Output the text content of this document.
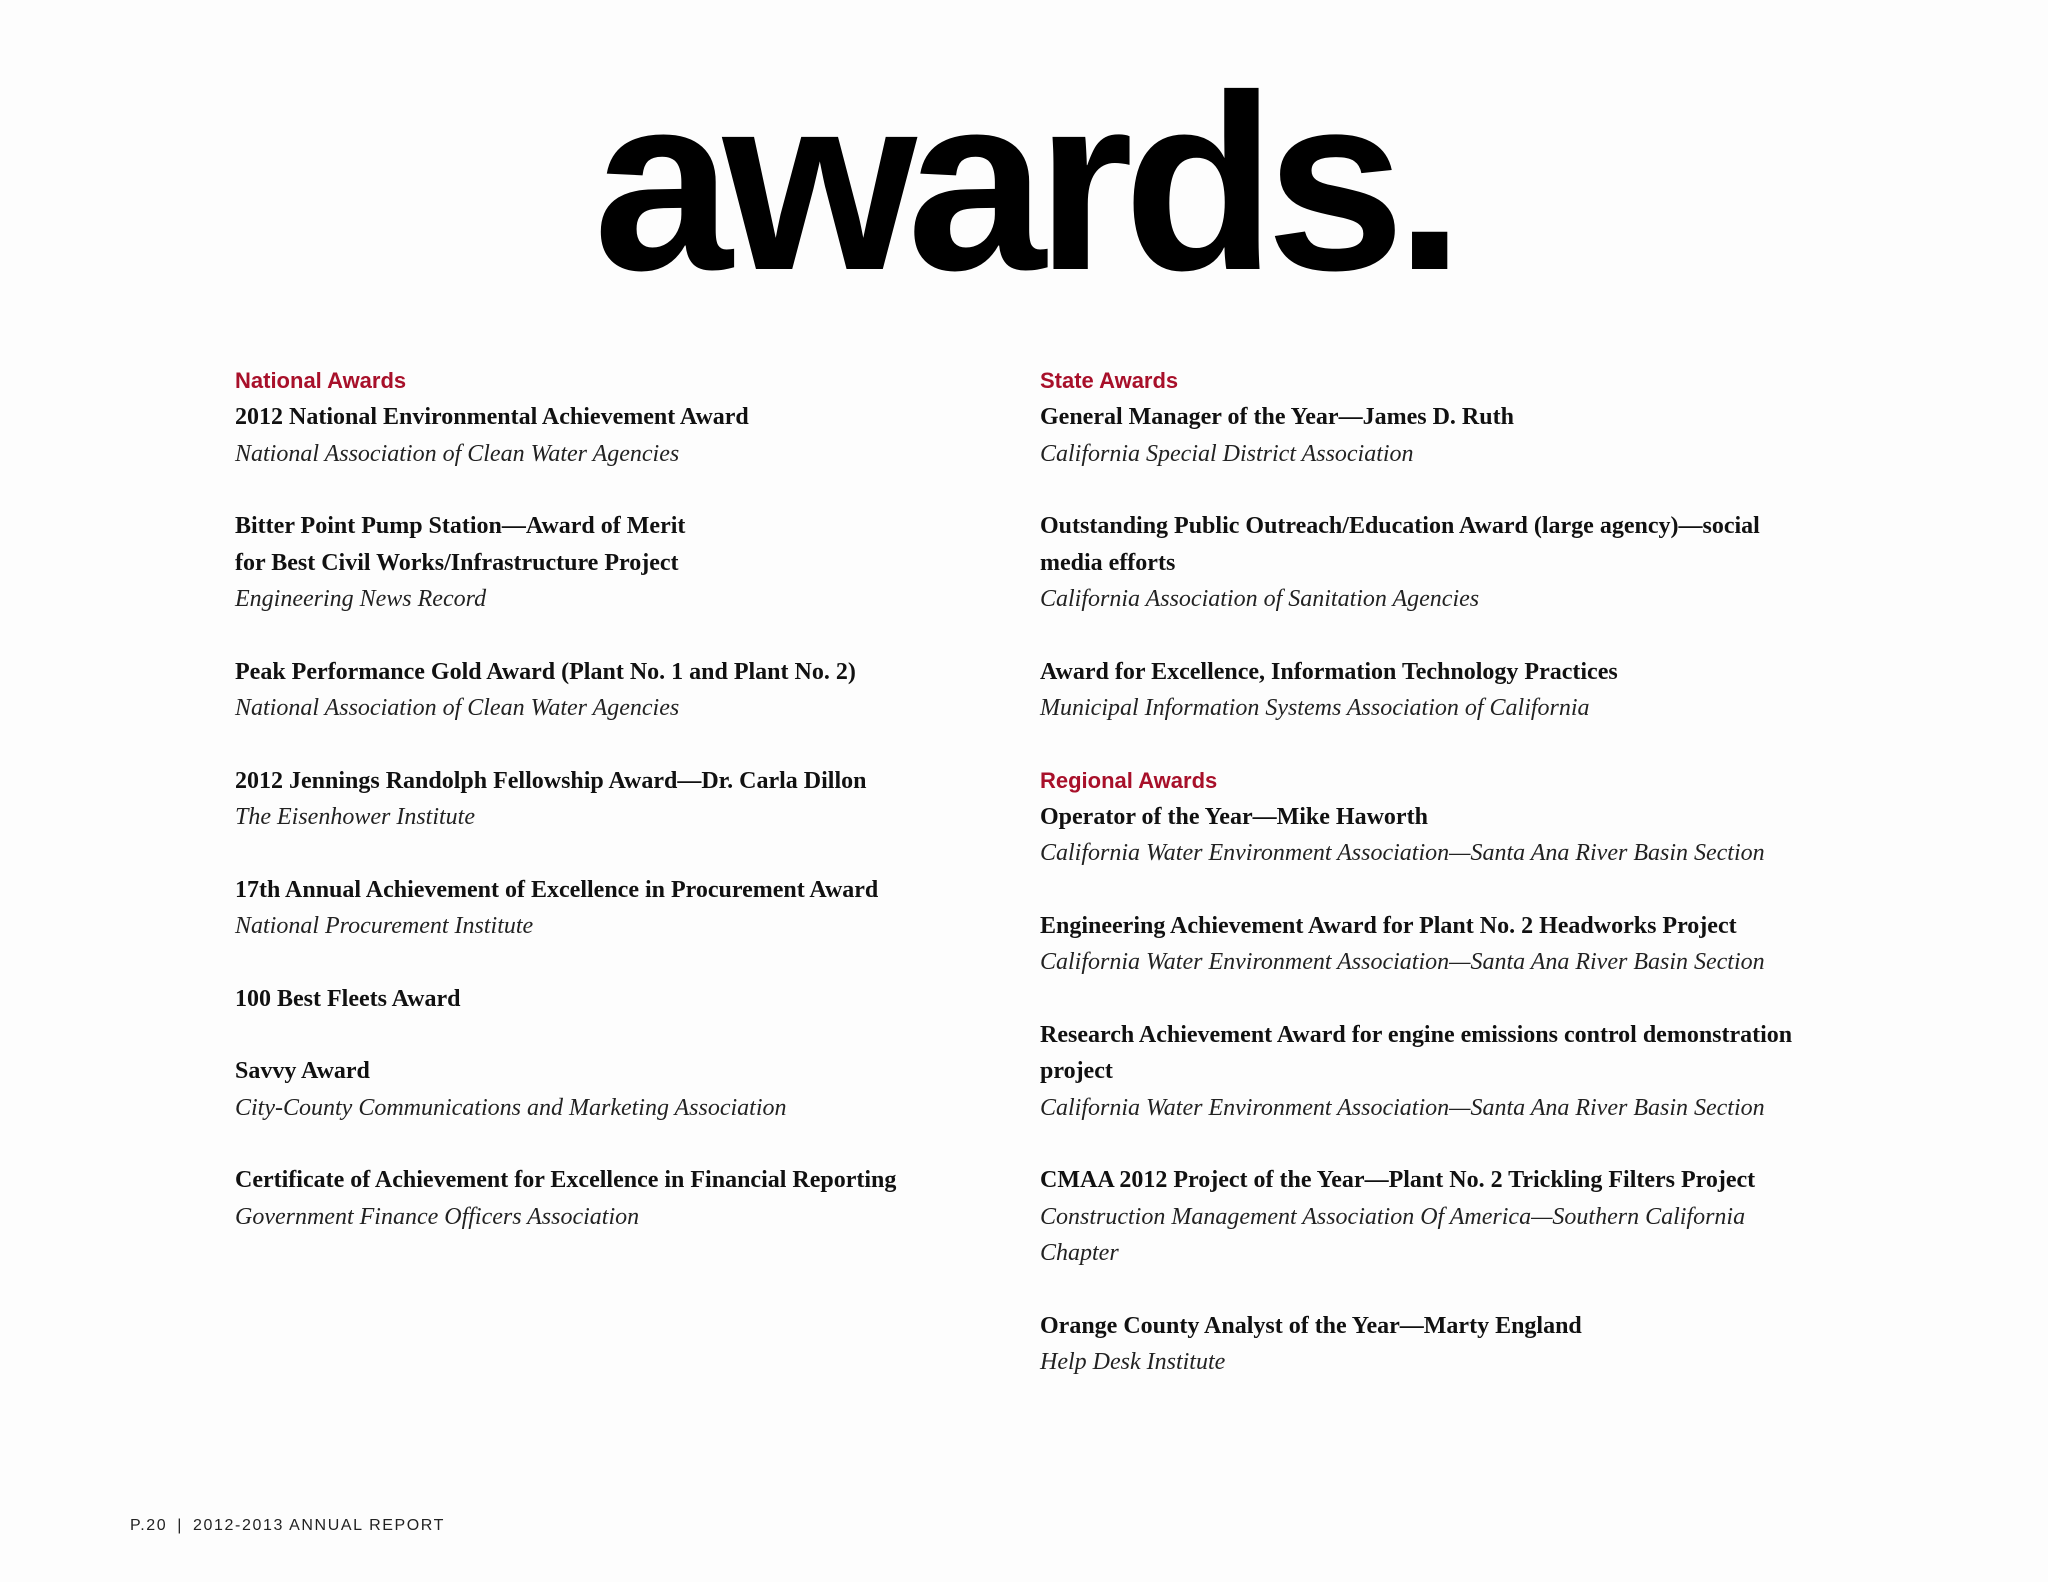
awards.
National Awards
2012 National Environmental Achievement Award
National Association of Clean Water Agencies
Bitter Point Pump Station—Award of Merit
for Best Civil Works/Infrastructure Project
Engineering News Record
Peak Performance Gold Award (Plant No. 1 and Plant No. 2)
National Association of Clean Water Agencies
2012 Jennings Randolph Fellowship Award—Dr. Carla Dillon
The Eisenhower Institute
17th Annual Achievement of Excellence in Procurement Award
National Procurement Institute
100 Best Fleets Award
Savvy Award
City-County Communications and Marketing Association
Certificate of Achievement for Excellence in Financial Reporting
Government Finance Officers Association
State Awards
General Manager of the Year—James D. Ruth
California Special District Association
Outstanding Public Outreach/Education Award (large agency)—social media efforts
California Association of Sanitation Agencies
Award for Excellence, Information Technology Practices
Municipal Information Systems Association of California
Regional Awards
Operator of the Year—Mike Haworth
California Water Environment Association—Santa Ana River Basin Section
Engineering Achievement Award for Plant No. 2 Headworks Project
California Water Environment Association—Santa Ana River Basin Section
Research Achievement Award for engine emissions control demonstration project
California Water Environment Association—Santa Ana River Basin Section
CMAA 2012 Project of the Year—Plant No. 2 Trickling Filters Project
Construction Management Association Of America—Southern California Chapter
Orange County Analyst of the Year—Marty England
Help Desk Institute
P.20 | 2012-2013 ANNUAL REPORT
